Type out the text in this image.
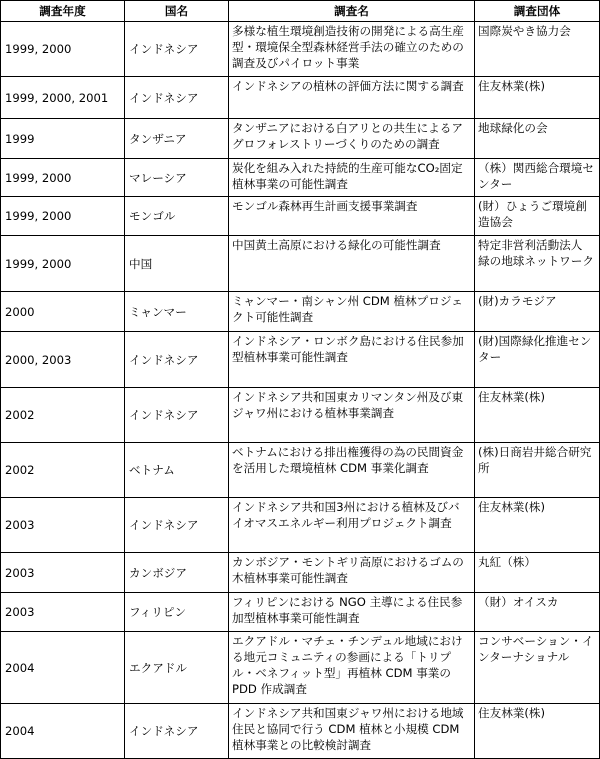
調査年度	国名	調査名	調査団体
1999, 2000	インドネシア	多様な植生環境創造技術の開発による高生産型・環境保全型森林経営手法の確立のための調査及びパイロット事業	国際炭やき協力会
1999, 2000, 2001	インドネシア	インドネシアの植林の評価方法に関する調査	住友林業(株)
1999	タンザニア	タンザニアにおける白アリとの共生によるアグロフォレストリーづくりのための調査	地球緑化の会
1999, 2000	マレーシア	炭化を組み入れた持続的生産可能なCO₂固定植林事業の可能性調査	（株）関西総合環境センター
1999, 2000	モンゴル	モンゴル森林再生計画支援事業調査	(財）ひょうご環境創造協会
1999, 2000	中国	中国黄土高原における緑化の可能性調査	特定非営利活動法人 緑の地球ネットワーク
2000	ミャンマー	ミャンマー・南シャン州 CDM 植林プロジェクト可能性調査	(財)カラモジア
2000, 2003	インドネシア	インドネシア・ロンボク島における住民参加型植林事業可能性調査	(財)国際緑化推進センター
2002	インドネシア	インドネシア共和国東カリマンタン州及び東ジャワ州における植林事業調査	住友林業(株)
2002	ベトナム	ベトナムにおける排出権獲得の為の民間資金を活用した環境植林 CDM 事業化調査	(株)日商岩井総合研究所
2003	インドネシア	インドネシア共和国3州における植林及びバイオマスエネルギー利用プロジェクト調査	住友林業(株)
2003	カンボジア	カンボジア・モントギリ高原におけるゴムの木植林事業可能性調査	丸紅（株）
2003	フィリピン	フィリピンにおける NGO 主導による住民参加型植林事業可能性調査	（財）オイスカ
2004	エクアドル	エクアドル・マチェ・チンデュル地域における地元コミュニティの参画による「トリプル・ベネフィット型」再植林 CDM 事業の PDD 作成調査	コンサベーション・インターナショナル
2004	インドネシア	インドネシア共和国東ジャワ州における地域住民と協同で行う CDM 植林と小規模 CDM 植林事業との比較検討調査	住友林業(株)
